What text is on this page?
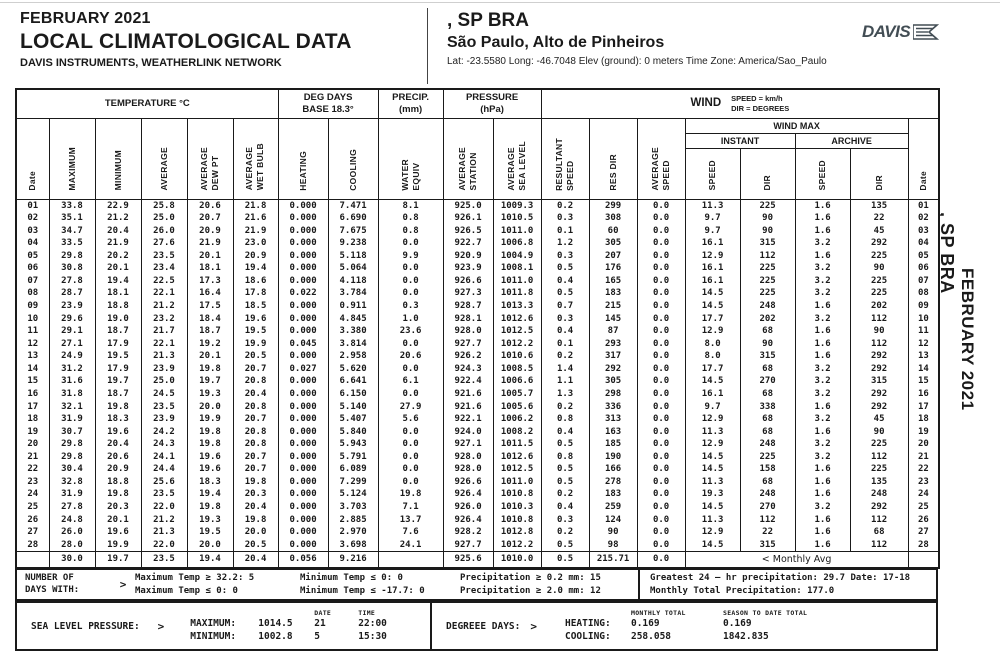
FEBRUARY 2021
LOCAL CLIMATOLOGICAL DATA
DAVIS INSTRUMENTS, WEATHERLINK NETWORK
, SP BRA
São Paulo, Alto de Pinheiros
Lat: -23.5580 Long: -46.7048 Elev (ground): 0 meters Time Zone: America/Sao_Paulo
DAVIS
TEMPERATURE °C	
DEG DAYS
BASE 18.3°

PRECIP.
(mm)

PRESSURE
(hPa)

WIND SPEED = km/h
DIR = DEGREES

Date	MAXIMUM	MINIMUM	AVERAGE	AVERAGE DEW PT	AVERAGE WET BULB	HEATING	COOLING	WATER EQUIV	AVERAGE STATION	AVERAGE SEA LEVEL	RESULTANT SPEED	RES DIR	AVERAGE SPEED
	WIND MAX	Date
														INSTANT		ARCHIVE		
														SPEED	DIR	SPEED	DIR	
01	33.8	22.9	25.8	20.6	21.8	0.000	7.471	8.1	925.0	1009.3	0.2	299	0.0	11.3	225	1.6	135	01
02	35.1	21.2	25.0	20.7	21.6	0.000	6.690	0.8	926.1	1010.5	0.3	308	0.0	9.7	90	1.6	22	02
03	34.7	20.4	26.0	20.9	21.9	0.000	7.675	0.8	926.5	1011.0	0.1	60	0.0	9.7	90	1.6	45	03
04	33.5	21.9	27.6	21.9	23.0	0.000	9.238	0.0	922.7	1006.8	1.2	305	0.0	16.1	315	3.2	292	04
05	29.8	20.2	23.5	20.1	20.9	0.000	5.118	9.9	920.9	1004.9	0.3	207	0.0	12.9	112	1.6	225	05
06	30.8	20.1	23.4	18.1	19.4	0.000	5.064	0.0	923.9	1008.1	0.5	176	0.0	16.1	225	3.2	90	06
07	27.8	19.4	22.5	17.3	18.6	0.000	4.118	0.0	926.6	1011.0	0.4	165	0.0	16.1	225	3.2	225	07
08	28.7	18.1	22.1	16.4	17.8	0.022	3.784	0.0	927.3	1011.8	0.5	183	0.0	14.5	225	3.2	225	08
09	23.9	18.8	21.2	17.5	18.5	0.000	0.911	0.3	928.7	1013.3	0.7	215	0.0	14.5	248	1.6	202	09
10	29.6	19.0	23.2	18.4	19.6	0.000	4.845	1.0	928.1	1012.6	0.3	145	0.0	17.7	202	3.2	112	10
11	29.1	18.7	21.7	18.7	19.5	0.000	3.380	23.6	928.0	1012.5	0.4	87	0.0	12.9	68	1.6	90	11
12	27.1	17.9	22.1	19.2	19.9	0.045	3.814	0.0	927.7	1012.2	0.1	293	0.0	8.0	90	1.6	112	12
13	24.9	19.5	21.3	20.1	20.5	0.000	2.958	20.6	926.2	1010.6	0.2	317	0.0	8.0	315	1.6	292	13
14	31.2	17.9	23.9	19.8	20.7	0.027	5.620	0.0	924.3	1008.5	1.4	292	0.0	17.7	68	3.2	292	14
15	31.6	19.7	25.0	19.7	20.8	0.000	6.641	6.1	922.4	1006.6	1.1	305	0.0	14.5	270	3.2	315	15
16	31.8	18.7	24.5	19.3	20.4	0.000	6.150	0.0	921.6	1005.7	1.3	298	0.0	16.1	68	3.2	292	16
17	32.1	19.8	23.5	20.0	20.8	0.000	5.140	27.9	921.6	1005.6	0.2	336	0.0	9.7	338	1.6	292	17
18	31.9	18.3	23.9	19.9	20.7	0.000	5.407	5.6	922.1	1006.2	0.8	313	0.0	12.9	68	3.2	45	18
19	30.7	19.6	24.2	19.8	20.8	0.000	5.840	0.0	924.0	1008.2	0.4	163	0.0	11.3	68	1.6	90	19
20	29.8	20.4	24.3	19.8	20.8	0.000	5.943	0.0	927.1	1011.5	0.5	185	0.0	12.9	248	3.2	225	20
21	29.8	20.6	24.1	19.6	20.7	0.000	5.791	0.0	928.0	1012.6	0.8	190	0.0	14.5	225	3.2	112	21
22	30.4	20.9	24.4	19.6	20.7	0.000	6.089	0.0	928.0	1012.5	0.5	166	0.0	14.5	158	1.6	225	22
23	32.8	18.8	25.6	18.3	19.8	0.000	7.299	0.0	926.6	1011.0	0.5	278	0.0	11.3	68	1.6	135	23
24	31.9	19.8	23.5	19.4	20.3	0.000	5.124	19.8	926.4	1010.8	0.2	183	0.0	19.3	248	1.6	248	24
25	27.8	20.3	22.0	19.8	20.4	0.000	3.703	7.1	926.0	1010.3	0.4	259	0.0	14.5	270	3.2	292	25
26	24.8	20.1	21.2	19.3	19.8	0.000	2.885	13.7	926.4	1010.8	0.3	124	0.0	11.3	112	1.6	112	26
27	26.0	19.6	21.3	19.5	20.0	0.000	2.970	7.6	928.2	1012.8	0.2	90	0.0	12.9	22	1.6	68	27
28	28.0	19.9	22.0	20.0	20.5	0.000	3.698	24.1	927.7	1012.2	0.5	98	0.0	14.5	315	1.6	112	28
	30.0	19.7	23.5	19.4	20.4	0.056	9.216		925.6	1010.0	0.5	215.71	0.0	< Monthly Avg				
, SP BRA
FEBRUARY 2021
NUMBER OF
DAYS WITH:	> Maximum Temp ≥ 32.2: 5
Maximum Temp ≤ 0: 0
Minimum Temp ≤ 0: 0
Minimum Temp ≤ -17.7: 0
Precipitation ≥ 0.2 mm: 15
Precipitation ≥ 2.0 mm: 12
Greatest 24 — hr precipitation: 29.7 Date: 17-18
Monthly Total Precipitation: 177.0
SEA LEVEL PRESSURE:	>
DATE	TIME
MAXIMUM:	1014.5	21	22:00
MINIMUM:	1002.8	5	15:30
DEGREEE DAYS: >
MONTHLY TOTAL	SEASON TO DATE TOTAL
HEATING:	0.169	0.169
COOLING:	258.058	1842.835
